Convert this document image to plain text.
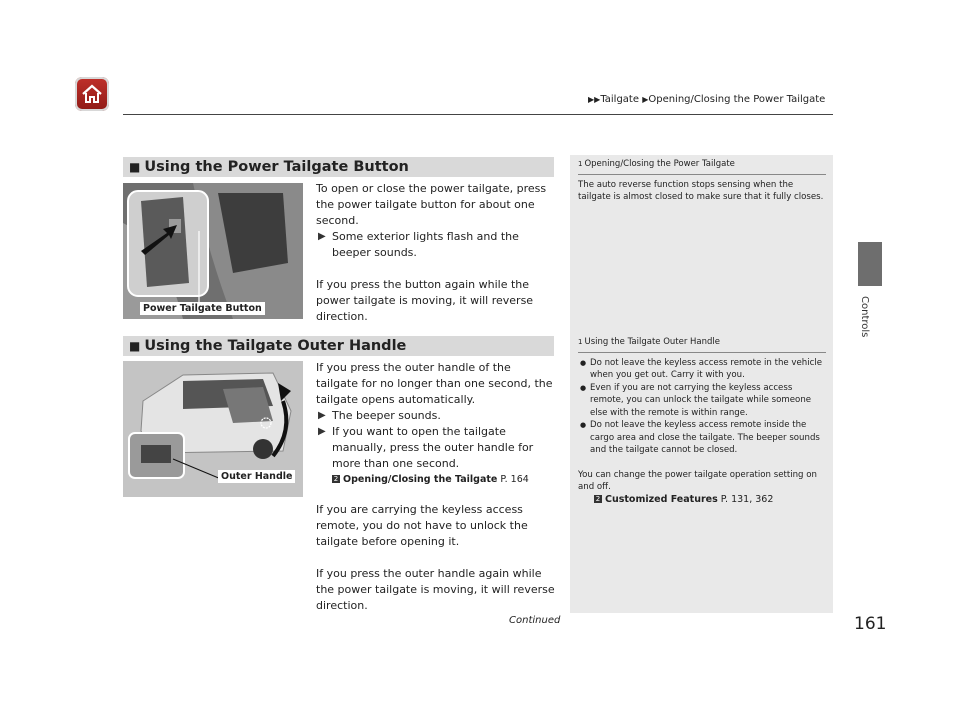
▶▶Tailgate ▶Opening/Closing the Power Tailgate
Controls
■ Using the Power Tailgate Button
Power Tailgate Button

To open or close the power tailgate, press the power tailgate button for about one second.

▶ Some exterior lights flash and the beeper sounds.

If you press the button again while the power tailgate is moving, it will reverse direction.

■ Using the Tailgate Outer Handle
Outer Handle

If you press the outer handle of the tailgate for no longer than one second, the tailgate opens automatically.

▶ The beeper sounds.

▶ If you want to open the tailgate manually, press the outer handle for more than one second.

2 Opening/Closing the Tailgate P. 164

If you are carrying the keyless access remote, you do not have to unlock the tailgate before opening it.

If you press the outer handle again while the power tailgate is moving, it will reverse direction.

1 Opening/Closing the Power Tailgate
The auto reverse function stops sensing when the tailgate is almost closed to make sure that it fully closes.
1 Using the Tailgate Outer Handle
● Do not leave the keyless access remote in the vehicle when you get out. Carry it with you.
● Even if you are not carrying the keyless access remote, you can unlock the tailgate while someone else with the remote is within range.
● Do not leave the keyless access remote inside the cargo area and close the tailgate. The beeper sounds and the tailgate cannot be closed.
You can change the power tailgate operation setting on and off.
2 Customized Features P. 131, 362
Continued	161
